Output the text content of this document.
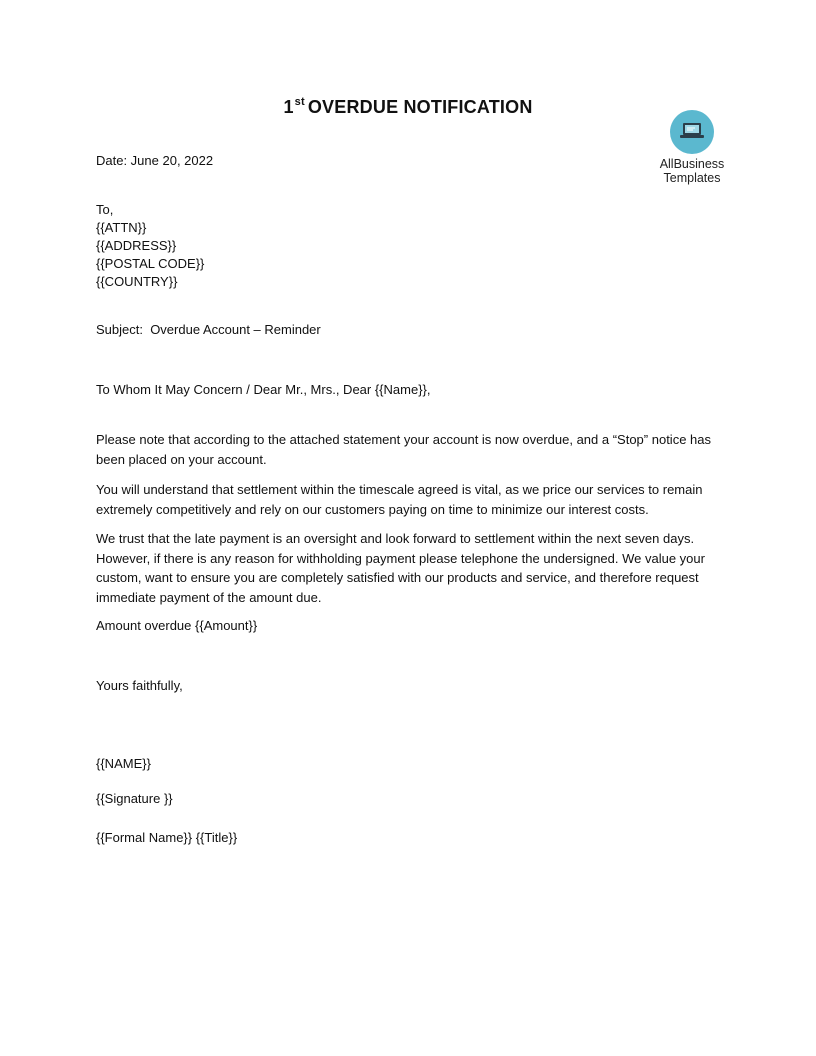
1st OVERDUE NOTIFICATION
AllBusiness
Templates
Date: June 20, 2022
To,
{{ATTN}}
{{ADDRESS}}
{{POSTAL CODE}}
{{COUNTRY}}
Subject:  Overdue Account – Reminder
To Whom It May Concern / Dear Mr., Mrs., Dear {{Name}},
Please note that according to the attached statement your account is now overdue, and a “Stop” notice has been placed on your account.
You will understand that settlement within the timescale agreed is vital, as we price our services to remain extremely competitively and rely on our customers paying on time to minimize our interest costs.
We trust that the late payment is an oversight and look forward to settlement within the next seven days. However, if there is any reason for withholding payment please telephone the undersigned. We value your custom, want to ensure you are completely satisfied with our products and service, and therefore request immediate payment of the amount due.
Amount overdue {{Amount}}
Yours faithfully,
{{NAME}}
{{Signature }}
{{Formal Name}} {{Title}}
